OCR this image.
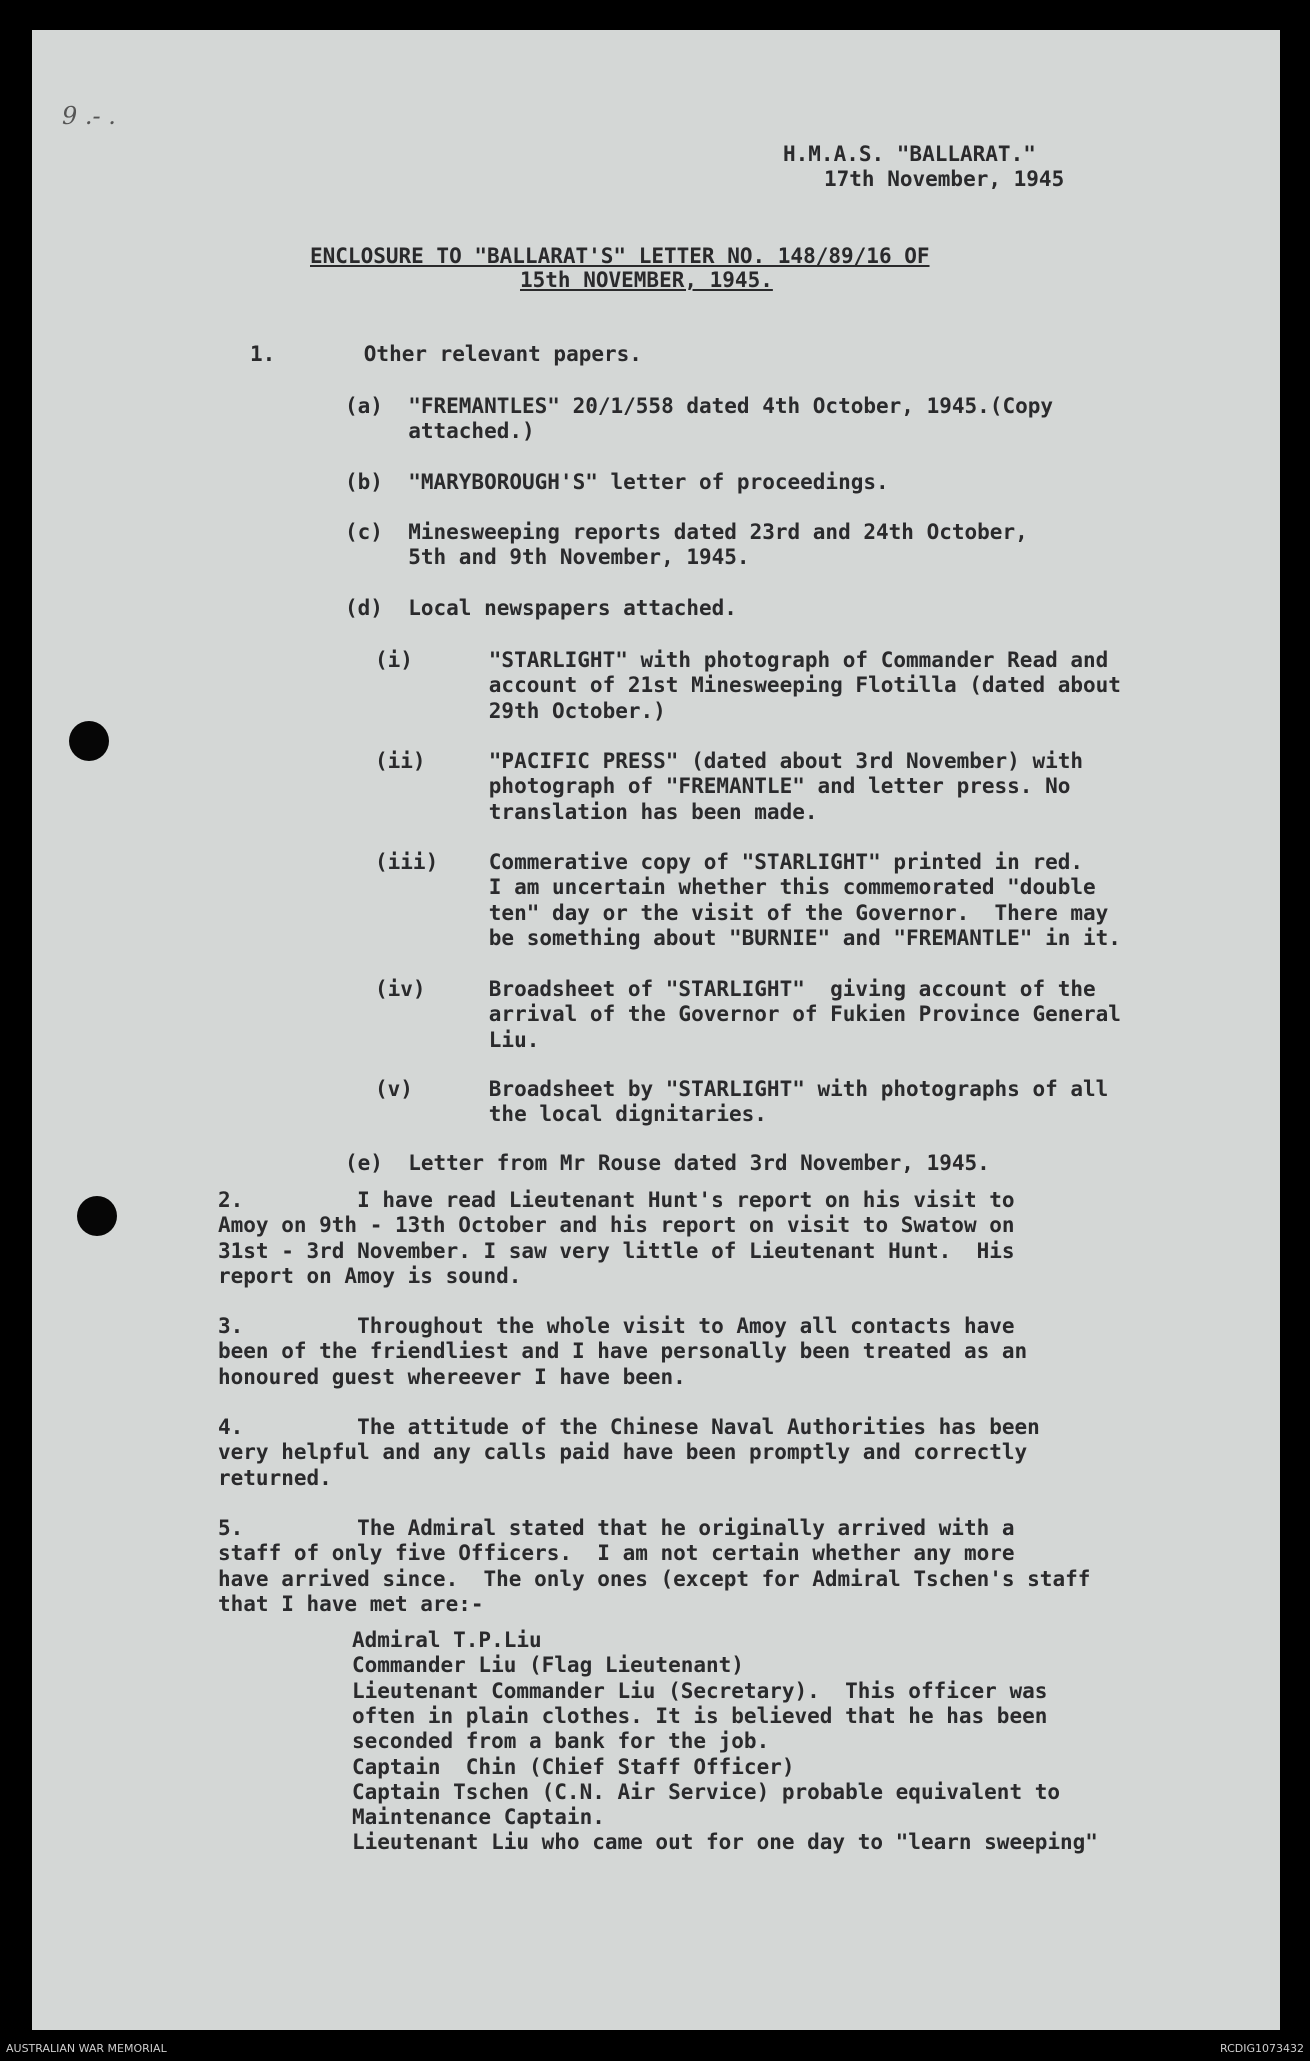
9 .- .
H.M.A.S. "BALLARAT."
17th November, 1945
ENCLOSURE TO "BALLARAT'S" LETTER NO. 148/89/16 OF
15th NOVEMBER, 1945.
1.       Other relevant papers.
(a)  "FREMANTLES" 20/1/558 dated 4th October, 1945.(Copy
attached.)
(b)  "MARYBOROUGH'S" letter of proceedings.
(c)  Minesweeping reports dated 23rd and 24th October,
5th and 9th November, 1945.
(d)  Local newspapers attached.
(i)      "STARLIGHT" with photograph of Commander Read and
account of 21st Minesweeping Flotilla (dated about
29th October.)
(ii)     "PACIFIC PRESS" (dated about 3rd November) with
photograph of "FREMANTLE" and letter press. No
translation has been made.
(iii)    Commerative copy of "STARLIGHT" printed in red.
I am uncertain whether this commemorated "double
ten" day or the visit of the Governor.  There may
be something about "BURNIE" and "FREMANTLE" in it.
(iv)     Broadsheet of "STARLIGHT"  giving account of the
arrival of the Governor of Fukien Province General
Liu.
(v)      Broadsheet by "STARLIGHT" with photographs of all
the local dignitaries.
(e)  Letter from Mr Rouse dated 3rd November, 1945.
2.         I have read Lieutenant Hunt's report on his visit to
Amoy on 9th - 13th October and his report on visit to Swatow on
31st - 3rd November. I saw very little of Lieutenant Hunt.  His
report on Amoy is sound.
3.         Throughout the whole visit to Amoy all contacts have
been of the friendliest and I have personally been treated as an
honoured guest whereever I have been.
4.         The attitude of the Chinese Naval Authorities has been
very helpful and any calls paid have been promptly and correctly
returned.
5.         The Admiral stated that he originally arrived with a
staff of only five Officers.  I am not certain whether any more
have arrived since.  The only ones (except for Admiral Tschen's staff
that I have met are:-
Admiral T.P.Liu
Commander Liu (Flag Lieutenant)
Lieutenant Commander Liu (Secretary).  This officer was
often in plain clothes. It is believed that he has been
seconded from a bank for the job.
Captain  Chin (Chief Staff Officer)
Captain Tschen (C.N. Air Service) probable equivalent to
Maintenance Captain.
Lieutenant Liu who came out for one day to "learn sweeping"
AUSTRALIAN WAR MEMORIAL	RCDIG1073432
